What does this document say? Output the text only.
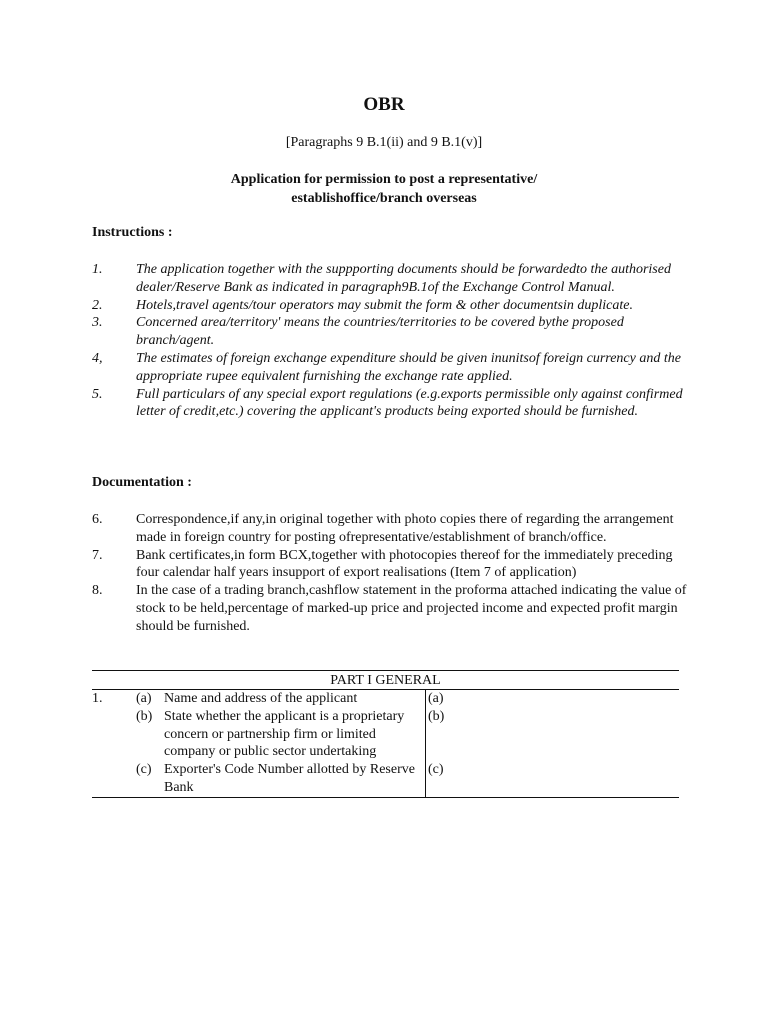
OBR
[Paragraphs 9 B.1(ii) and 9 B.1(v)]
Application for permission to post a representative/
establishoffice/branch overseas
Instructions :
1. The application together with the suppporting documents should be forwardedto the authorised dealer/Reserve Bank as indicated in paragraph9B.1of the Exchange Control Manual.
2. Hotels,travel agents/tour operators may submit the form & other documentsin duplicate.
3. Concerned area/territory' means the countries/territories to be covered bythe proposed branch/agent.
4, The estimates of foreign exchange expenditure should be given inunitsof foreign currency and the appropriate rupee equivalent furnishing the exchange rate applied.
5. Full particulars of any special export regulations (e.g.exports permissible only against confirmed letter of credit,etc.) covering the applicant's products being exported should be furnished.
Documentation :
6. Correspondence,if any,in original together with photo copies there of regarding the arrangement made in foreign country for posting ofrepresentative/establishment of branch/office.
7. Bank certificates,in form BCX,together with photocopies thereof for the immediately preceding four calendar half years insupport of export realisations (Item 7 of application)
8. In the case of a trading branch,cashflow statement in the proforma attached indicating the value of stock to be held,percentage of marked-up price and projected income and expected profit margin should be furnished.
PART I GENERAL
1.	(a) Name and address of the applicant	(a)
(b) State whether the applicant is a proprietary concern or partnership firm or limited company or public sector undertaking
(b)
(c) Exporter's Code Number allotted by Reserve Bank
(c)
